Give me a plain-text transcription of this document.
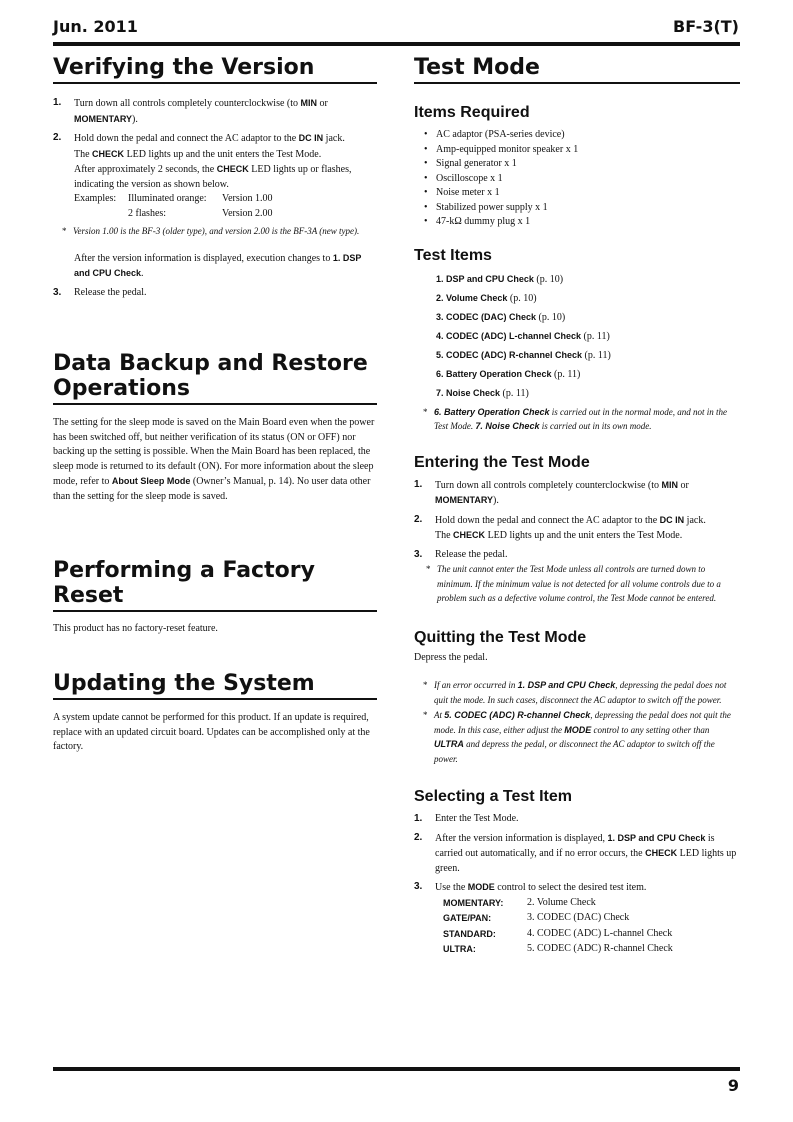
Jun. 2011	BF-3(T)
9
Verifying the Version
1. Turn down all controls completely counterclockwise (to MIN or MOMENTARY).
2. Hold down the pedal and connect the AC adaptor to the DC IN jack.
The CHECK LED lights up and the unit enters the Test Mode.
After approximately 2 seconds, the CHECK LED lights up or flashes, indicating the version as shown below.
Examples:	Illuminated orange:	Version 1.00
	2 flashes:	Version 2.00
* Version 1.00 is the BF-3 (older type), and version 2.00 is the BF-3A (new type).

After the version information is displayed, execution changes to 1. DSP and CPU Check.

3. Release the pedal.
Data Backup and Restore
Operations

The setting for the sleep mode is saved on the Main Board even when the power has been switched off, but neither verification of its status (ON or OFF) nor backing up the setting is possible. When the Main Board has been replaced, the sleep mode is returned to its default (ON). For more information about the sleep mode, refer to About Sleep Mode (Owner’s Manual, p. 14). No user data other than the setting for the sleep mode is saved.

Performing a Factory Reset

This product has no factory-reset feature.

Updating the System

A system update cannot be performed for this product. If an update is required, replace with an updated circuit board. Updates can be accomplished only at the factory.

Test Mode
Items Required
• AC adaptor (PSA-series device)
• Amp-equipped monitor speaker x 1
• Signal generator x 1
• Oscilloscope x 1
• Noise meter x 1
• Stabilized power supply x 1
• 47-kΩ dummy plug x 1
Test Items
1. DSP and CPU Check (p. 10)
2. Volume Check (p. 10)
3. CODEC (DAC) Check (p. 10)
4. CODEC (ADC) L-channel Check (p. 11)
5. CODEC (ADC) R-channel Check (p. 11)
6. Battery Operation Check (p. 11)
7. Noise Check (p. 11)
* 6. Battery Operation Check is carried out in the normal mode, and not in the Test Mode. 7. Noise Check is carried out in its own mode.
Entering the Test Mode
1. Turn down all controls completely counterclockwise (to MIN or MOMENTARY).
2. Hold down the pedal and connect the AC adaptor to the DC IN jack.
The CHECK LED lights up and the unit enters the Test Mode.
3. Release the pedal.
* The unit cannot enter the Test Mode unless all controls are turned down to minimum. If the minimum value is not detected for all volume controls due to a problem such as a defective volume control, the Test Mode cannot be entered.
Quitting the Test Mode

Depress the pedal.

* If an error occurred in 1. DSP and CPU Check, depressing the pedal does not quit the mode. In such cases, disconnect the AC adaptor to switch off the power.
* At 5. CODEC (ADC) R-channel Check, depressing the pedal does not quit the mode. In this case, either adjust the MODE control to any setting other than ULTRA and depress the pedal, or disconnect the AC adaptor to switch off the power.
Selecting a Test Item
1. Enter the Test Mode.
2. After the version information is displayed, 1. DSP and CPU Check is carried out automatically, and if no error occurs, the CHECK LED lights up green.
3. Use the MODE control to select the desired test item.
MOMENTARY:	2. Volume Check
GATE/PAN:	3. CODEC (DAC) Check
STANDARD:	4. CODEC (ADC) L-channel Check
ULTRA:	5. CODEC (ADC) R-channel Check
